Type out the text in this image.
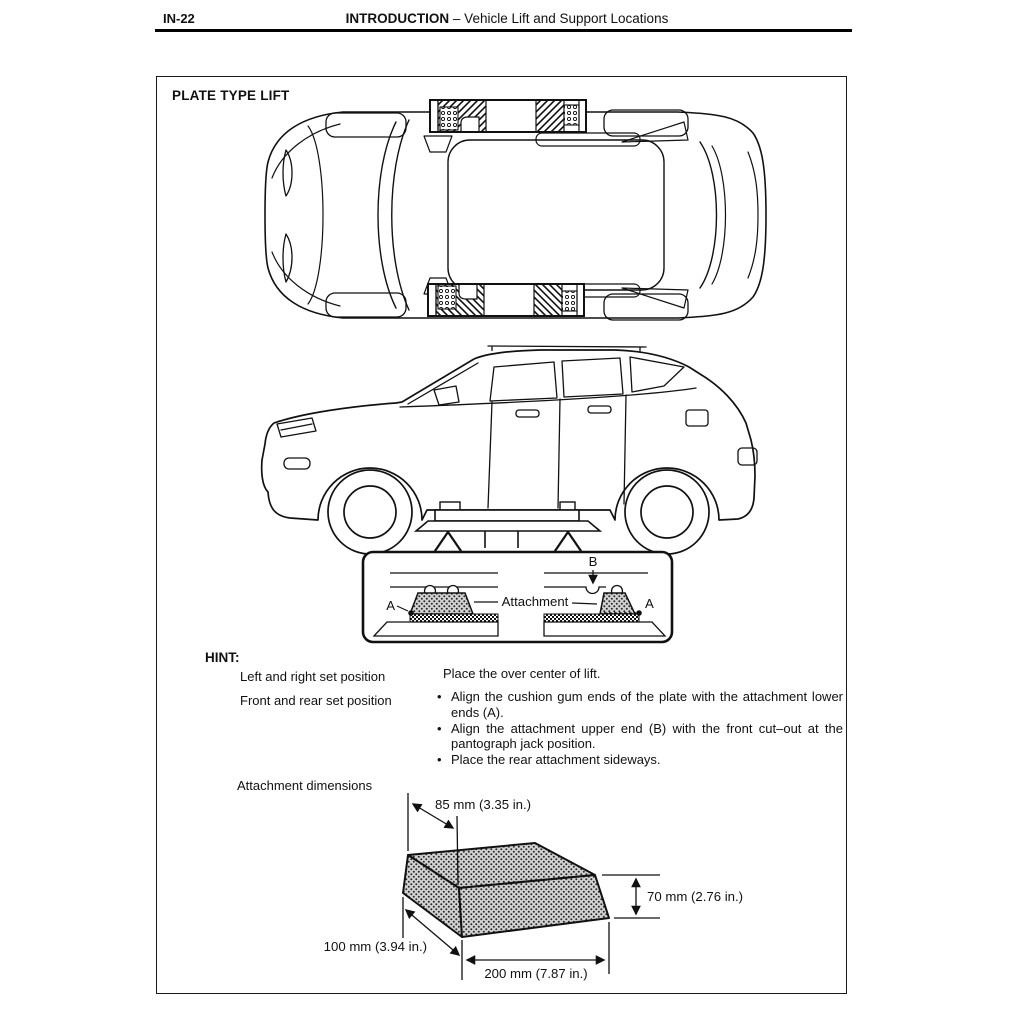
IN-22	INTRODUCTION – Vehicle Lift and Support Locations
PLATE TYPE LIFT
A	Attachment
B
A
HINT:
Left and right set position
Front and rear set position
Place the over center of lift.
• Align the cushion gum ends of the plate with the attachment lower ends (A).
• Align the attachment upper end (B) with the front cut–out at the pantograph jack position.
• Place the rear attachment sideways.
Attachment dimensions
85 mm (3.35 in.)
70 mm (2.76 in.)
100 mm (3.94 in.)
200 mm (7.87 in.)
